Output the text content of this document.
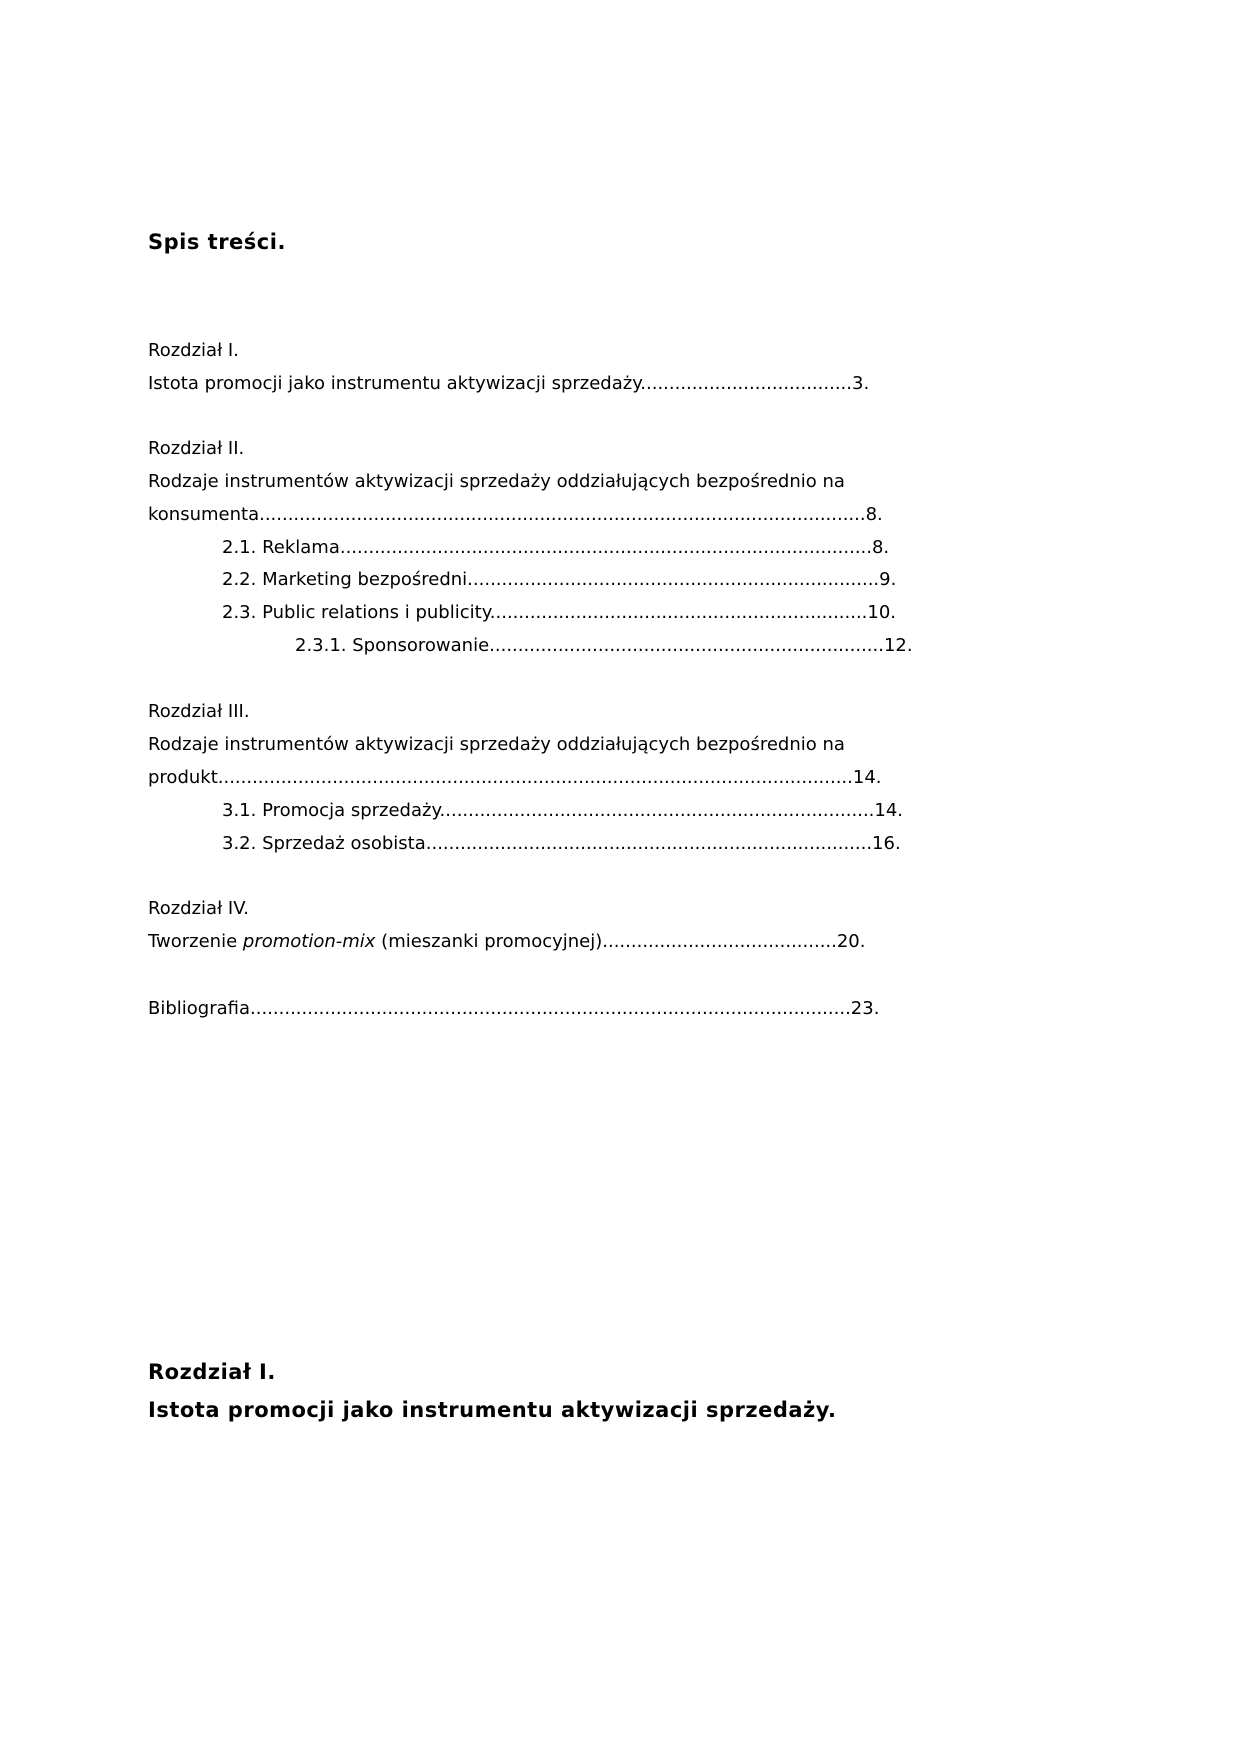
Spis treści.
Rozdział I.
Istota promocji jako instrumentu aktywizacji sprzedaży.....................................3.
Rozdział II.
Rodzaje instrumentów aktywizacji sprzedaży oddziałujących bezpośrednio na
konsumenta..........................................................................................................8.
2.1. Reklama.............................................................................................8.
2.2. Marketing bezpośredni........................................................................9.
2.3. Public relations i publicity..................................................................10.
2.3.1. Sponsorowanie.....................................................................12.
Rozdział III.
Rodzaje instrumentów aktywizacji sprzedaży oddziałujących bezpośrednio na
produkt...............................................................................................................14.
3.1. Promocja sprzedaży............................................................................14.
3.2. Sprzedaż osobista..............................................................................16.
Rozdział IV.
Tworzenie promotion-mix (mieszanki promocyjnej).........................................20.
Bibliografia.........................................................................................................23.
Rozdział I.
Istota promocji jako instrumentu aktywizacji sprzedaży.
